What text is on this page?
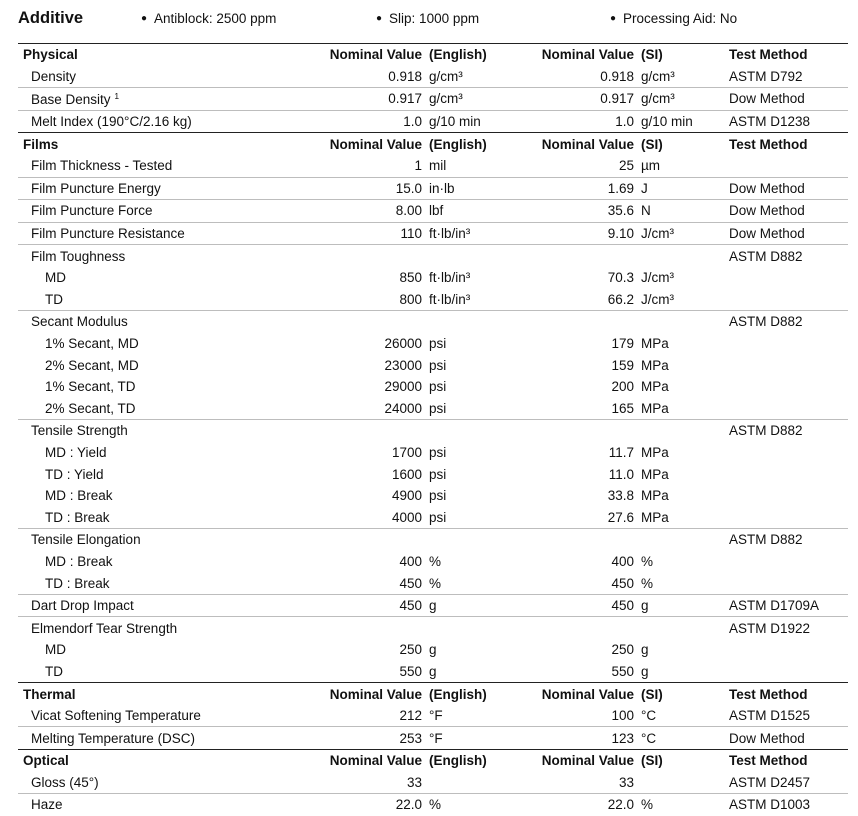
Additive	● Antiblock: 2500 ppm	● Slip: 1000 ppm	● Processing Aid: No
Physical	Nominal Value	(English)	Nominal Value	(SI)	Test Method
Density	0.918	g/cm³	0.918	g/cm³	ASTM D792
Base Density $^1$	0.917	g/cm³	0.917	g/cm³	Dow Method
Melt Index (190°C/2.16 kg)	1.0	g/10 min	1.0	g/10 min	ASTM D1238
Films	Nominal Value	(English)	Nominal Value	(SI)	Test Method
Film Thickness - Tested	1	mil	25	µm	
Film Puncture Energy	15.0	in·lb	1.69	J	Dow Method
Film Puncture Force	8.00	lbf	35.6	N	Dow Method
Film Puncture Resistance	110	ft·lb/in³	9.10	J/cm³	Dow Method
Film Toughness					ASTM D882
MD	850	ft·lb/in³	70.3	J/cm³	
TD	800	ft·lb/in³	66.2	J/cm³	
Secant Modulus					ASTM D882
1% Secant, MD	26000	psi	179	MPa	
2% Secant, MD	23000	psi	159	MPa	
1% Secant, TD	29000	psi	200	MPa	
2% Secant, TD	24000	psi	165	MPa	
Tensile Strength					ASTM D882
MD : Yield	1700	psi	11.7	MPa	
TD : Yield	1600	psi	11.0	MPa	
MD : Break	4900	psi	33.8	MPa	
TD : Break	4000	psi	27.6	MPa	
Tensile Elongation					ASTM D882
MD : Break	400	%	400	%	
TD : Break	450	%	450	%	
Dart Drop Impact	450	g	450	g	ASTM D1709A
Elmendorf Tear Strength					ASTM D1922
MD	250	g	250	g	
TD	550	g	550	g	
Thermal	Nominal Value	(English)	Nominal Value	(SI)	Test Method
Vicat Softening Temperature	212	°F	100	°C	ASTM D1525
Melting Temperature (DSC)	253	°F	123	°C	Dow Method
Optical	Nominal Value	(English)	Nominal Value	(SI)	Test Method
Gloss (45°)	33		33		ASTM D2457
Haze	22.0	%	22.0	%	ASTM D1003
